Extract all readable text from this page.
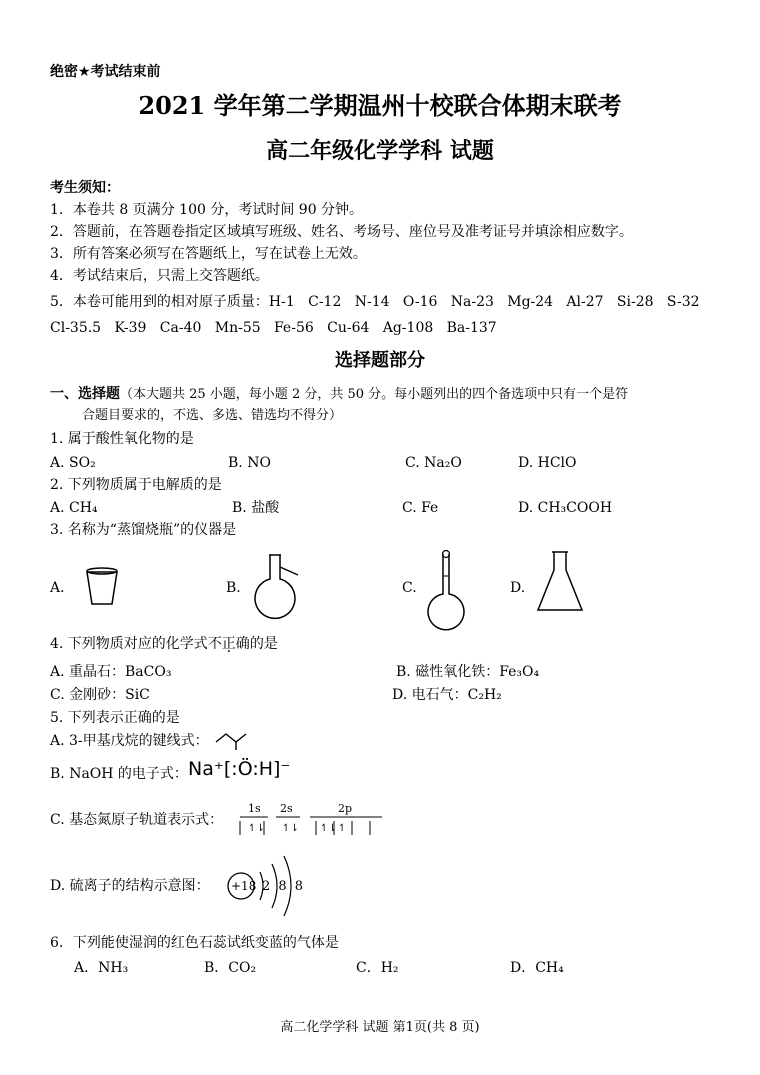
绝密★考试结束前
2021 学年第二学期温州十校联合体期末联考
高二年级化学学科 试题
考生须知：
1．本卷共 8 页满分 100 分，考试时间 90 分钟。
2．答题前，在答题卷指定区域填写班级、姓名、考场号、座位号及准考证号并填涂相应数字。
3．所有答案必须写在答题纸上，写在试卷上无效。
4．考试结束后，只需上交答题纸。
5．本卷可能用到的相对原子质量：H-1   C-12   N-14   O-16   Na-23   Mg-24   Al-27   Si-28   S-32
Cl-35.5   K-39   Ca-40   Mn-55   Fe-56   Cu-64   Ag-108   Ba-137
选择题部分
一、选择题（本大题共 25 小题，每小题 2 分，共 50 分。每小题列出的四个备选项中只有一个是符
合题目要求的，不选、多选、错选均不得分）
1. 属于酸性氧化物的是
A. SO₂	B. NO	C. Na₂O	D. HClO
2. 下列物质属于电解质的是
A. CH₄	B. 盐酸	C. Fe	D. CH₃COOH
3. 名称为“蒸馏烧瓶”的仪器是
A．	B.	C.	D.
4. 下列物质对应的化学式不正确的是
A. 重晶石：BaCO₃	B. 磁性氧化铁：Fe₃O₄
C. 金刚砂：SiC	D. 电石气：C₂H₂
5. 下列表示正确的是
A. 3-甲基戊烷的键线式：
B. NaOH 的电子式： Na⁺[:Ö:H]⁻
C. 基态氮原子轨道表示式：
1s 2s	2p
↿⇂ ↿⇂ ↿⇂ ↿
D. 硫离子的结构示意图： +18 2 8 8
6．下列能使湿润的红色石蕊试纸变蓝的气体是
A．NH₃	B．CO₂	C．H₂	D．CH₄
高二化学学科 试题 第1页(共 8 页)
